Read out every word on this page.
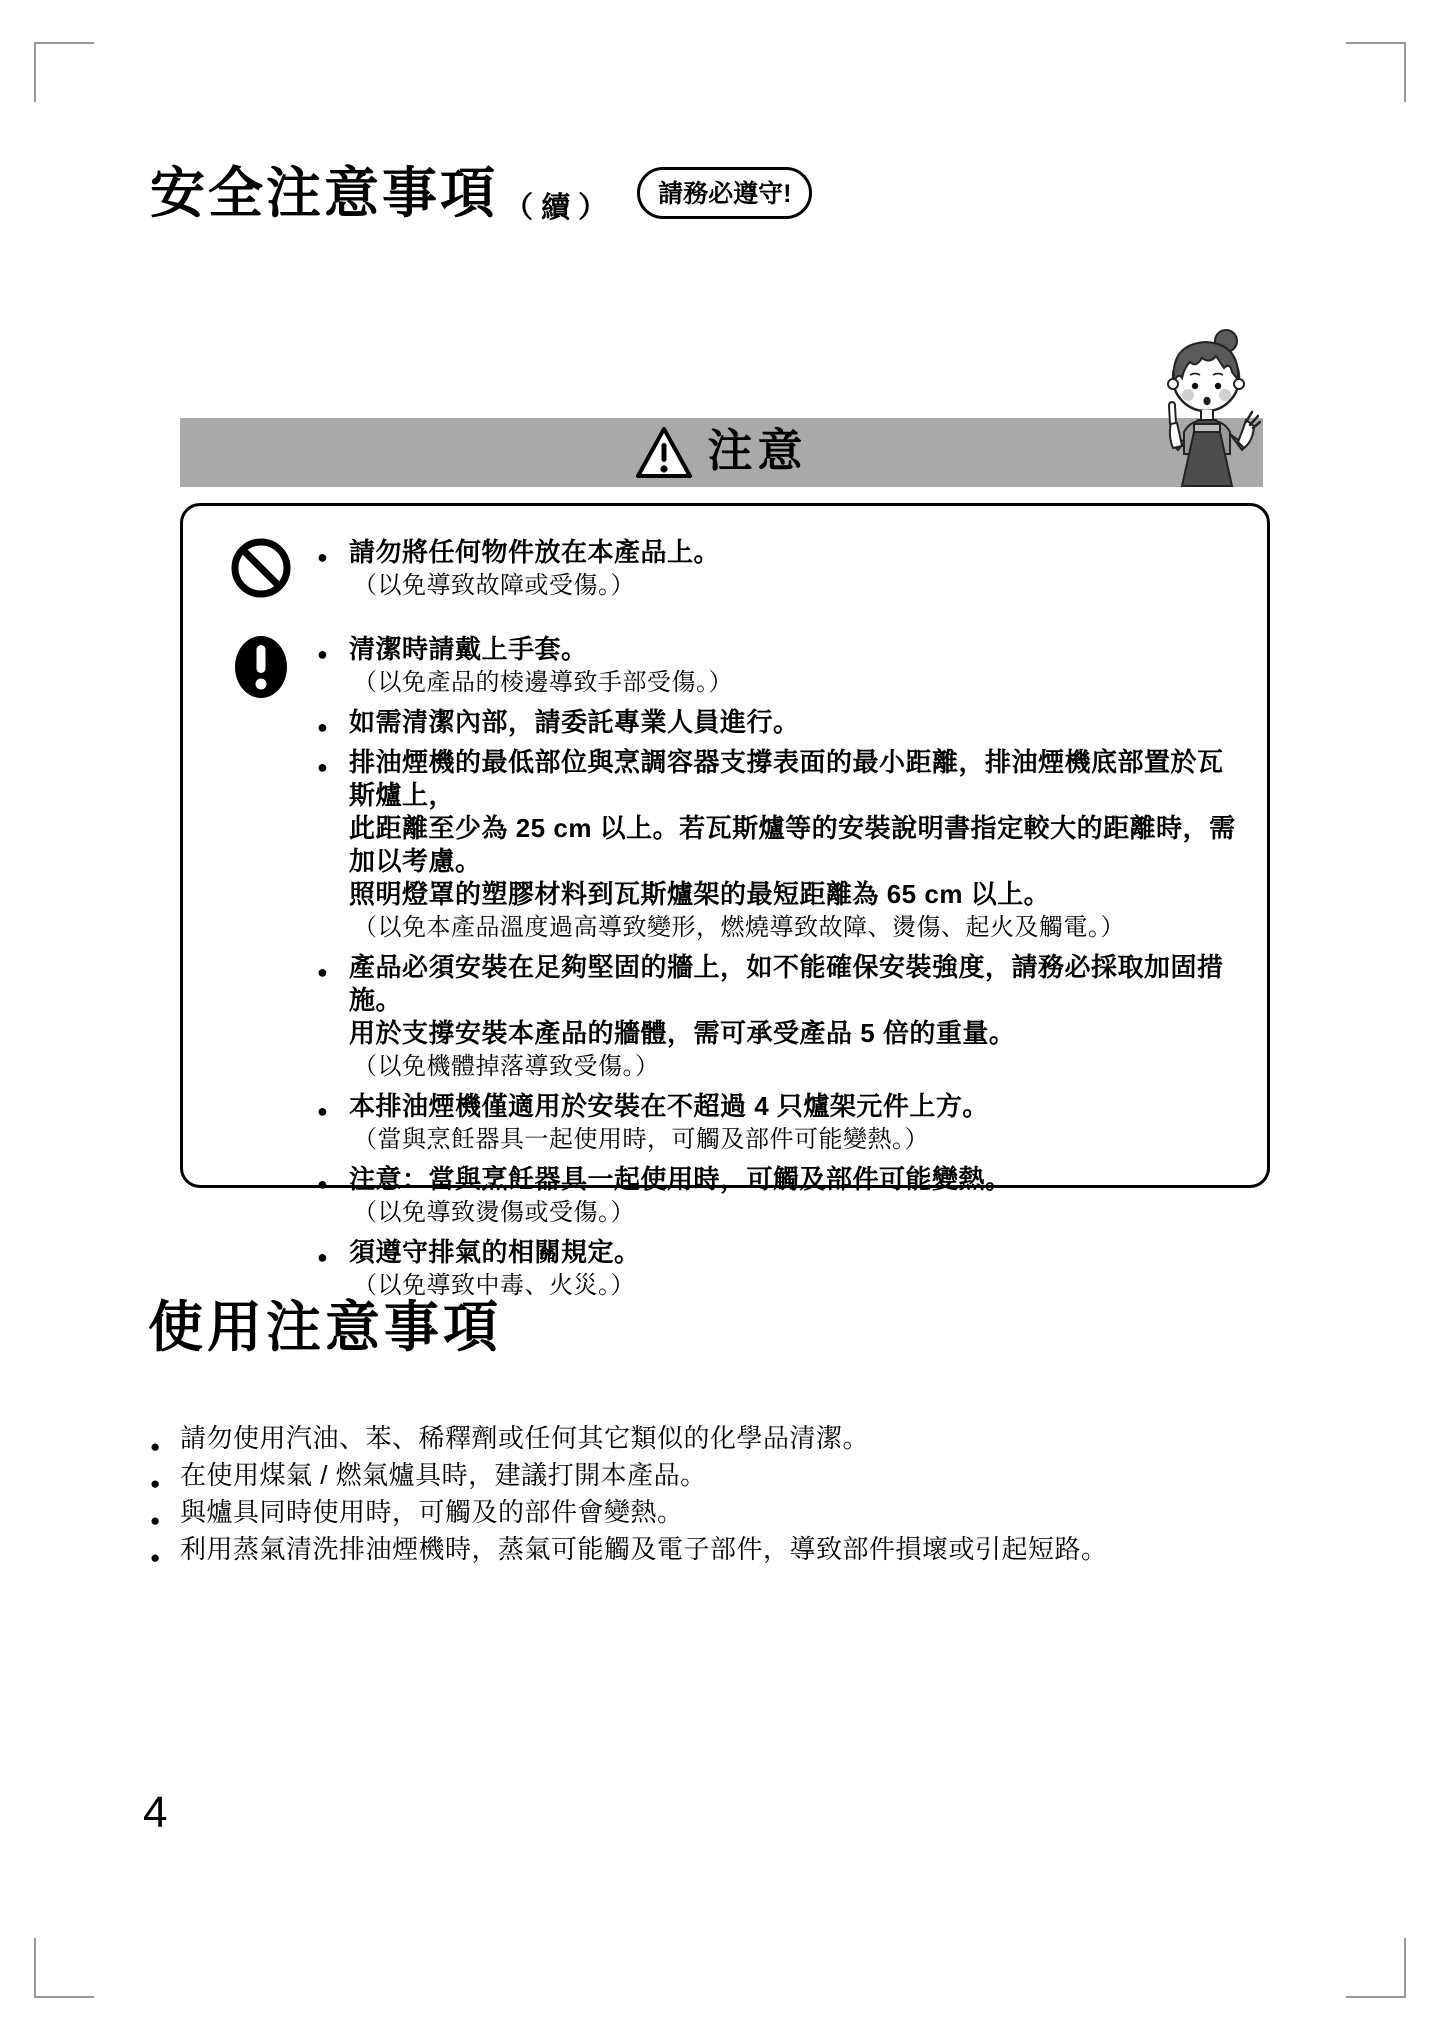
安全注意事項 （ 續 ）	請務必遵守!
注意
● 請勿將任何物件放在本產品上。
（以免導致故障或受傷。）
● 清潔時請戴上手套。
（以免產品的棱邊導致手部受傷。）
● 如需清潔內部，請委託專業人員進行。
● 排油煙機的最低部位與烹調容器支撐表面的最小距離，排油煙機底部置於瓦斯爐上，
此距離至少為 25 cm 以上。若瓦斯爐等的安裝說明書指定較大的距離時，需加以考慮。
照明燈罩的塑膠材料到瓦斯爐架的最短距離為 65 cm 以上。
（以免本產品溫度過高導致變形，燃燒導致故障、燙傷、起火及觸電。）
● 產品必須安裝在足夠堅固的牆上，如不能確保安裝強度，請務必採取加固措施。
用於支撐安裝本產品的牆體，需可承受產品 5 倍的重量。
（以免機體掉落導致受傷。）
● 本排油煙機僅適用於安裝在不超過 4 只爐架元件上方。
（當與烹飪器具一起使用時，可觸及部件可能變熱。）
● 注意：當與烹飪器具一起使用時，可觸及部件可能變熱。
（以免導致燙傷或受傷。）
● 須遵守排氣的相關規定。
（以免導致中毒、火災。）
使用注意事項
● 請勿使用汽油、苯、稀釋劑或任何其它類似的化學品清潔。
● 在使用煤氣 / 燃氣爐具時，建議打開本產品。
● 與爐具同時使用時，可觸及的部件會變熱。
● 利用蒸氣清洗排油煙機時，蒸氣可能觸及電子部件，導致部件損壞或引起短路。
4
